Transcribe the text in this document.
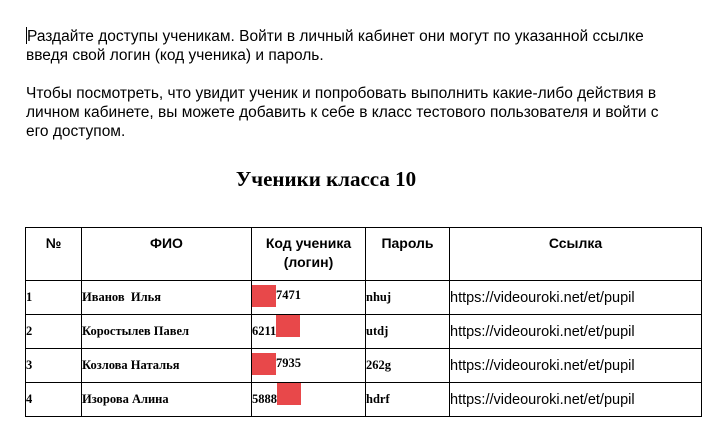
Раздайте доступы ученикам. Войти в личный кабинет они могут по указанной ссылке введя свой логин (код ученика) и пароль.

Чтобы посмотреть, что увидит ученик и попробовать выполнить какие-либо действия в личном кабинете, вы можете добавить к себе в класс тестового пользователя и войти с его доступом.

Ученики класса 10
№	ФИО	Код ученика (логин)	Пароль	Ссылка
1	Иванов  Илья	7471	nhuj	https://videouroki.net/et/pupil
2	Коростылев Павел	6211	utdj	https://videouroki.net/et/pupil
3	Козлова Наталья	7935	262g	https://videouroki.net/et/pupil
4	Изорова Алина	5888	hdrf	https://videouroki.net/et/pupil
